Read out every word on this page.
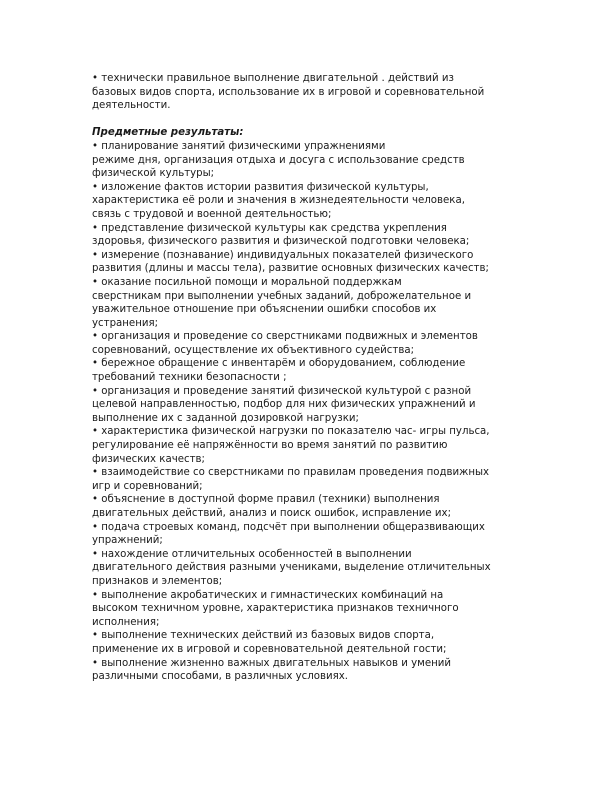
• технически правильное выполнение двигательной . действий из
базовых видов спорта, использование их в игровой и соревновательной
деятельности.
Предметные результаты:
• планирование занятий физическими упражнениями
режиме дня, организация отдыха и досуга с использование средств
физической культуры;
• изложение фактов истории развития физической культуры,
характеристика её роли и значения в жизнедеятельности человека,
связь с трудовой и военной деятельностью;
• представление физической культуры как средства укрепления
здоровья, физического развития и физической подготовки человека;
• измерение (познавание) индивидуальных показателей физического
развития (длины и массы тела), развитие основных физических качеств;
• оказание посильной помощи и моральной поддержкам
сверстникам при выполнении учебных заданий, доброжелательное и
уважительное отношение при объяснении ошибки способов их
устранения;
• организация и проведение со сверстниками подвижных и элементов
соревнований, осуществление их объективного судейства;
• бережное обращение с инвентарём и оборудованием, соблюдение
требований техники безопасности ;
• организация и проведение занятий физической культурой с разной
целевой направленностью, подбор для них физических упражнений и
выполнение их с заданной дозировкой нагрузки;
• характеристика физической нагрузки по показателю час- игры пульса,
регулирование её напряжённости во время занятий по развитию
физических качеств;
• взаимодействие со сверстниками по правилам проведения подвижных
игр и соревнований;
• объяснение в доступной форме правил (техники) выполнения
двигательных действий, анализ и поиск ошибок, исправление их;
• подача строевых команд, подсчёт при выполнении общеразвивающих
упражнений;
• нахождение отличительных особенностей в выполнении
двигательного действия разными учениками, выделение отличительных
признаков и элементов;
• выполнение акробатических и гимнастических комбинаций на
высоком техничном уровне, характеристика признаков техничного
исполнения;
• выполнение технических действий из базовых видов спорта,
применение их в игровой и соревновательной деятельной гости;
• выполнение жизненно важных двигательных навыков и умений
различными способами, в различных условиях.
